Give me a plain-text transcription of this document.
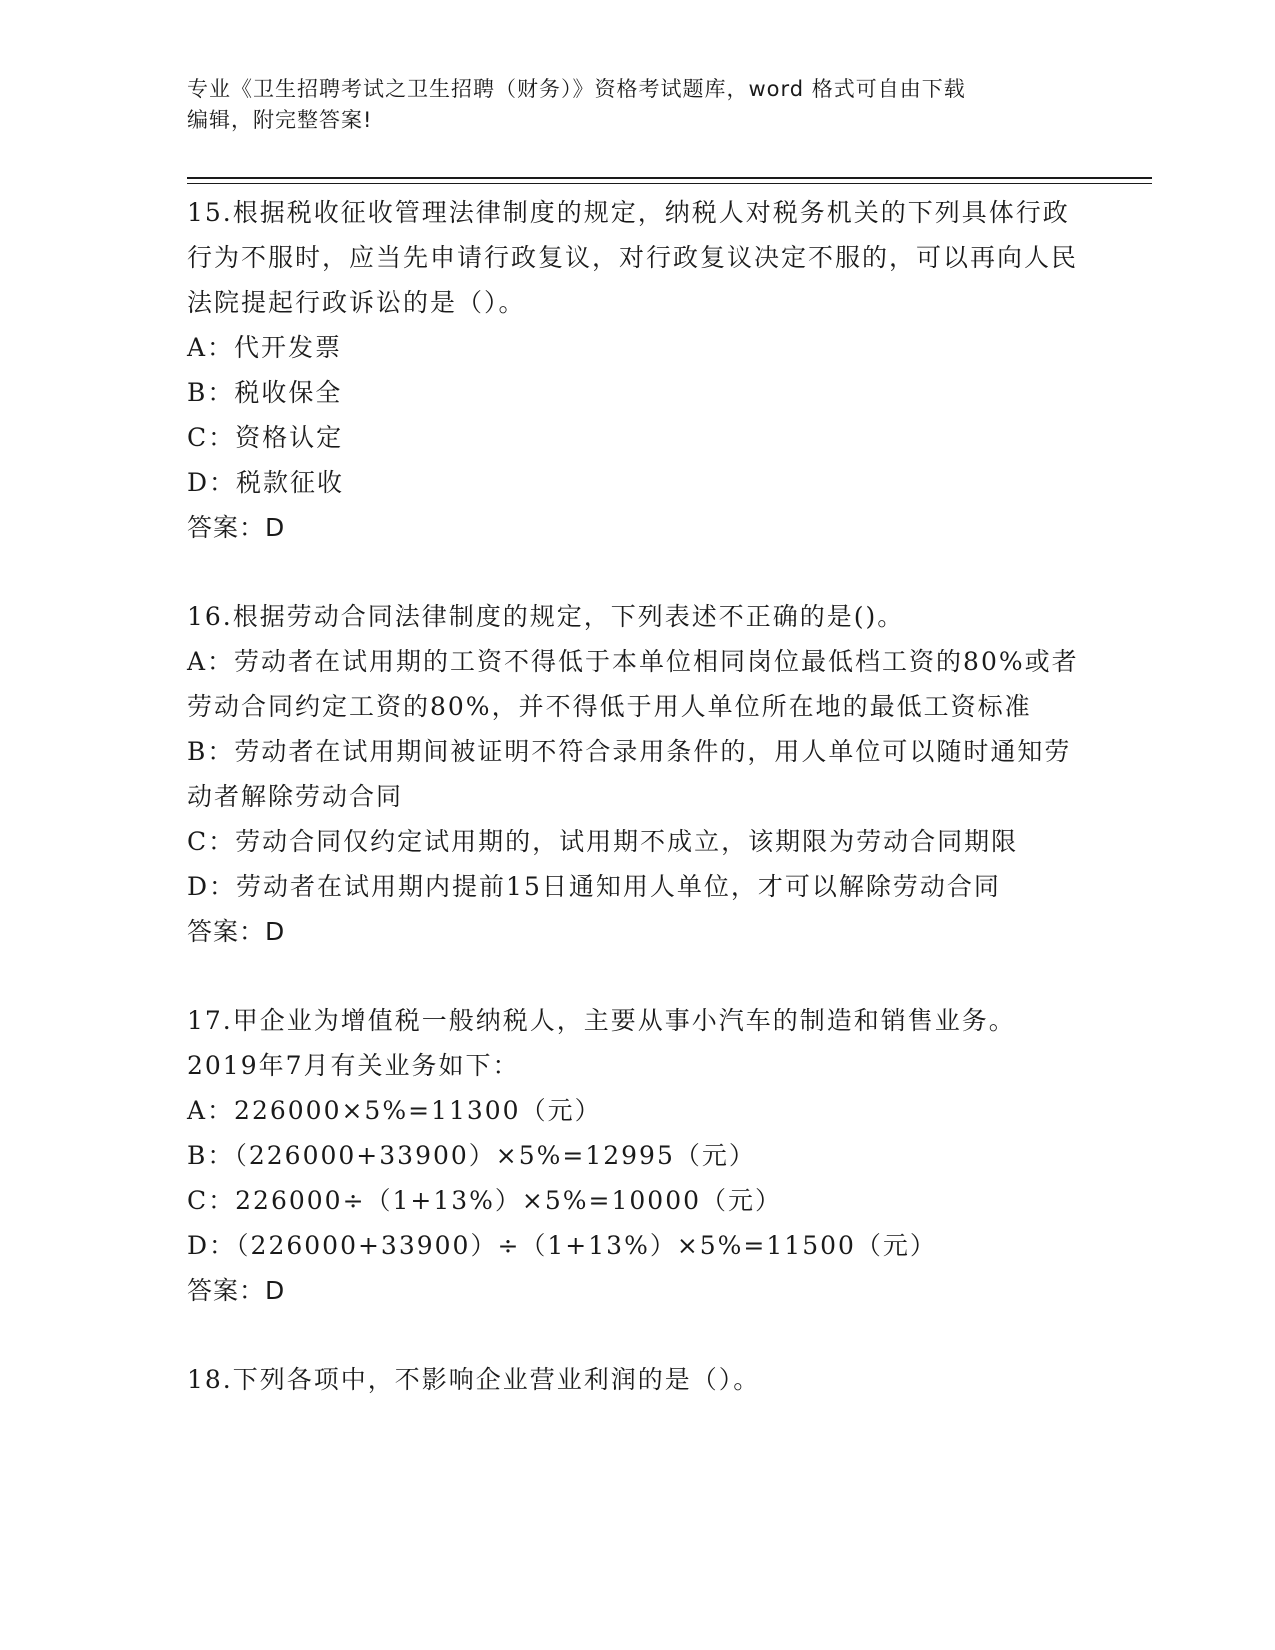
专业《卫生招聘考试之卫生招聘（财务）》资格考试题库，word 格式可自由下载
编辑，附完整答案!

15.根据税收征收管理法律制度的规定，纳税人对税务机关的下列具体行政行为不服时，应当先申请行政复议，对行政复议决定不服的，可以再向人民法院提起行政诉讼的是（）。

A：代开发票

B：税收保全

C：资格认定

D：税款征收

答案：D

16.根据劳动合同法律制度的规定，下列表述不正确的是()。

A：劳动者在试用期的工资不得低于本单位相同岗位最低档工资的80%或者劳动合同约定工资的80%，并不得低于用人单位所在地的最低工资标准

B：劳动者在试用期间被证明不符合录用条件的，用人单位可以随时通知劳动者解除劳动合同

C：劳动合同仅约定试用期的，试用期不成立，该期限为劳动合同期限

D：劳动者在试用期内提前15日通知用人单位，才可以解除劳动合同

答案：D

17.甲企业为增值税一般纳税人，主要从事小汽车的制造和销售业务。2019年7月有关业务如下：

A：226000×5%=11300（元）

B：（226000+33900）×5%=12995（元）

C：226000÷（1+13%）×5%=10000（元）

D：（226000+33900）÷（1+13%）×5%=11500（元）

答案：D

18.下列各项中，不影响企业营业利润的是（）。
